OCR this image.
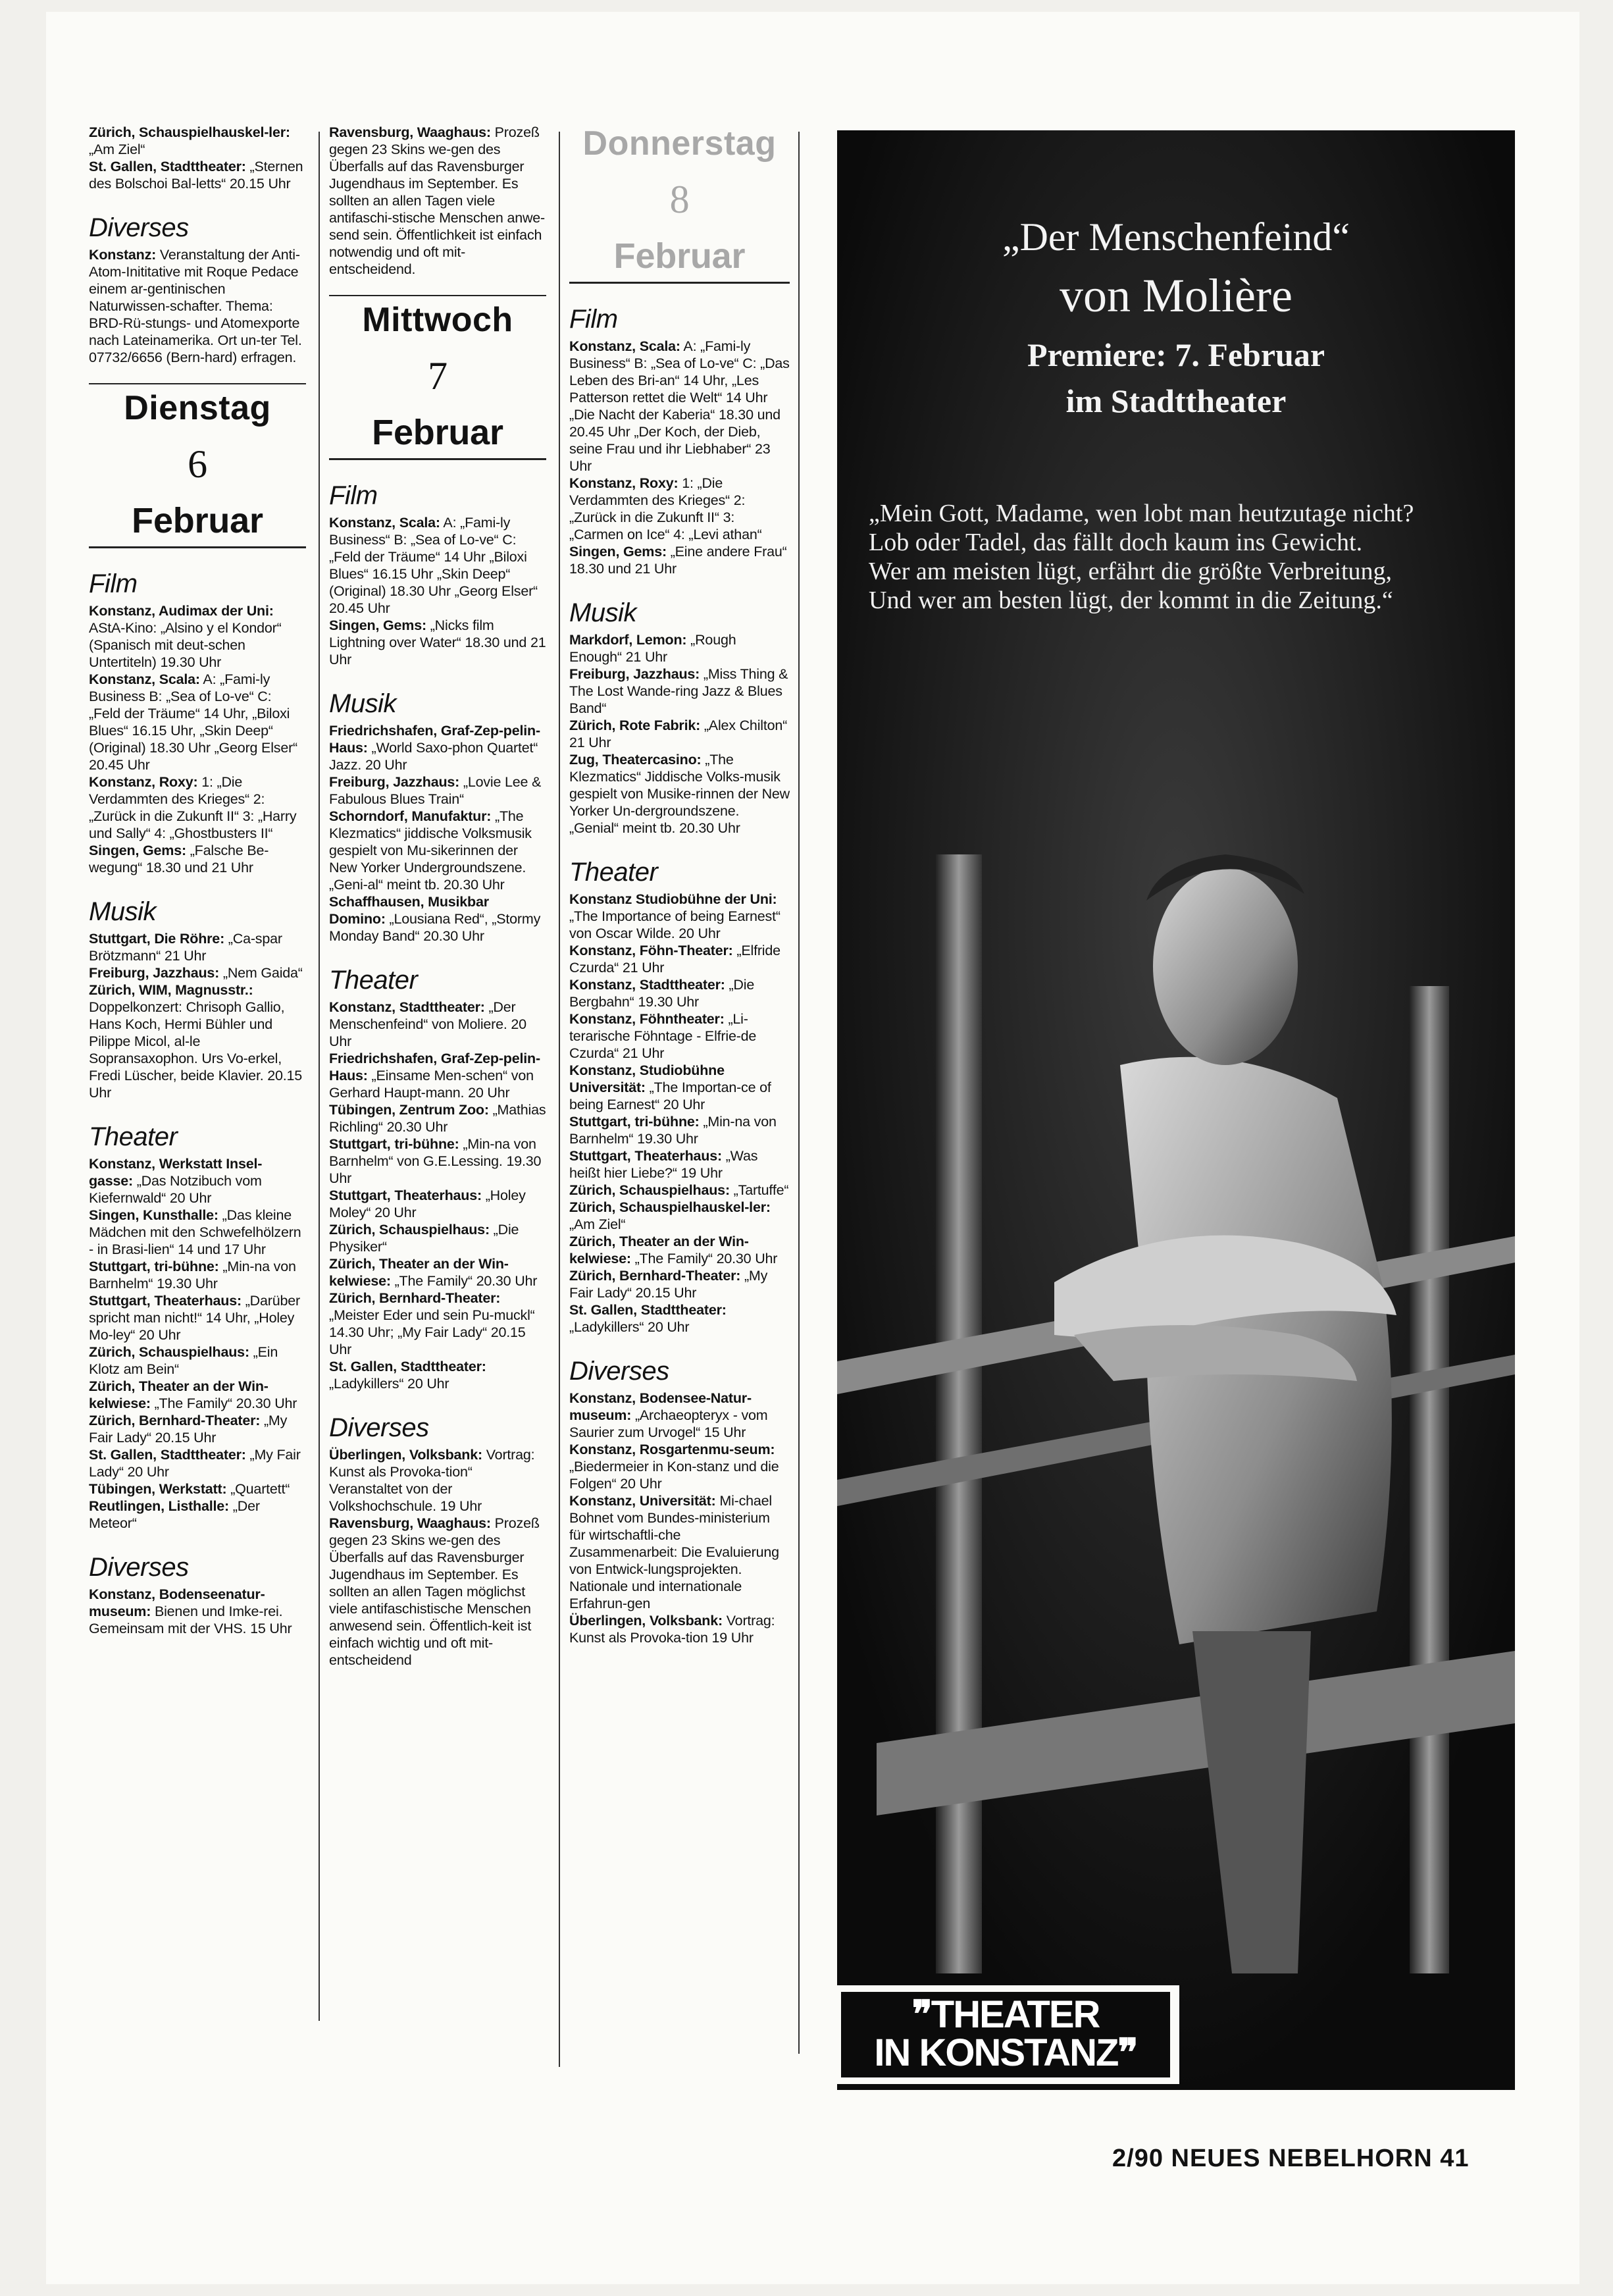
Zürich, Schauspielhauskel-ler: „Am Ziel“

St. Gallen, Stadttheater: „Sternen des Bolschoi Bal-letts“ 20.15 Uhr

Diverses

Konstanz: Veranstaltung der Anti-Atom-Inititative mit Roque Pedace einem ar-gentinischen Naturwissen-schafter. Thema: BRD-Rü-stungs- und Atomexporte nach Lateinamerika. Ort un-ter Tel. 07732/6656 (Bern-hard) erfragen.

Dienstag
6
Februar
Film

Konstanz, Audimax der Uni: AStA-Kino: „Alsino y el Kondor“ (Spanisch mit deut-schen Untertiteln) 19.30 Uhr

Konstanz, Scala: A: „Fami-ly Business B: „Sea of Lo-ve“ C: „Feld der Träume“ 14 Uhr, „Biloxi Blues“ 16.15 Uhr, „Skin Deep“ (Original) 18.30 Uhr „Georg Elser“ 20.45 Uhr

Konstanz, Roxy: 1: „Die Verdammten des Krieges“ 2: „Zurück in die Zukunft II“ 3: „Harry und Sally“ 4: „Ghostbusters II“

Singen, Gems: „Falsche Be-wegung“ 18.30 und 21 Uhr

Musik

Stuttgart, Die Röhre: „Ca-spar Brötzmann“ 21 Uhr

Freiburg, Jazzhaus: „Nem Gaida“

Zürich, WIM, Magnusstr.: Doppelkonzert: Chrisoph Gallio, Hans Koch, Hermi Bühler und Pilippe Micol, al-le Sopransaxophon. Urs Vo-erkel, Fredi Lüscher, beide Klavier. 20.15 Uhr

Theater

Konstanz, Werkstatt Insel-gasse: „Das Notzibuch vom Kiefernwald“ 20 Uhr

Singen, Kunsthalle: „Das kleine Mädchen mit den Schwefelhölzern - in Brasi-lien“ 14 und 17 Uhr

Stuttgart, tri-bühne: „Min-na von Barnhelm“ 19.30 Uhr

Stuttgart, Theaterhaus: „Darüber spricht man nicht!“ 14 Uhr, „Holey Mo-ley“ 20 Uhr

Zürich, Schauspielhaus: „Ein Klotz am Bein“

Zürich, Theater an der Win-kelwiese: „The Family“ 20.30 Uhr

Zürich, Bernhard-Theater: „My Fair Lady“ 20.15 Uhr

St. Gallen, Stadttheater: „My Fair Lady“ 20 Uhr

Tübingen, Werkstatt: „Quartett“

Reutlingen, Listhalle: „Der Meteor“

Diverses

Konstanz, Bodenseenatur-museum: Bienen und Imke-rei. Gemeinsam mit der VHS. 15 Uhr

Ravensburg, Waaghaus: Prozeß gegen 23 Skins we-gen des Überfalls auf das Ravensburger Jugendhaus im September. Es sollten an allen Tagen viele antifaschi-stische Menschen anwe-send sein. Öffentlichkeit ist einfach notwendig und oft mit-entscheidend.

Mittwoch
7
Februar
Film

Konstanz, Scala: A: „Fami-ly Business“ B: „Sea of Lo-ve“ C: „Feld der Träume“ 14 Uhr „Biloxi Blues“ 16.15 Uhr „Skin Deep“ (Original) 18.30 Uhr „Georg Elser“ 20.45 Uhr

Singen, Gems: „Nicks film Lightning over Water“ 18.30 und 21 Uhr

Musik

Friedrichshafen, Graf-Zep-pelin-Haus: „World Saxo-phon Quartet“ Jazz. 20 Uhr

Freiburg, Jazzhaus: „Lovie Lee & Fabulous Blues Train“

Schorndorf, Manufaktur: „The Klezmatics“ jiddische Volksmusik gespielt von Mu-sikerinnen der New Yorker Undergroundszene. „Geni-al“ meint tb. 20.30 Uhr

Schaffhausen, Musikbar Domino: „Lousiana Red“, „Stormy Monday Band“ 20.30 Uhr

Theater

Konstanz, Stadttheater: „Der Menschenfeind“ von Moliere. 20 Uhr

Friedrichshafen, Graf-Zep-pelin-Haus: „Einsame Men-schen“ von Gerhard Haupt-mann. 20 Uhr

Tübingen, Zentrum Zoo: „Mathias Richling“ 20.30 Uhr

Stuttgart, tri-bühne: „Min-na von Barnhelm“ von G.E.Lessing. 19.30 Uhr

Stuttgart, Theaterhaus: „Holey Moley“ 20 Uhr

Zürich, Schauspielhaus: „Die Physiker“

Zürich, Theater an der Win-kelwiese: „The Family“ 20.30 Uhr

Zürich, Bernhard-Theater: „Meister Eder und sein Pu-muckl“ 14.30 Uhr; „My Fair Lady“ 20.15 Uhr

St. Gallen, Stadttheater: „Ladykillers“ 20 Uhr

Diverses

Überlingen, Volksbank: Vortrag: Kunst als Provoka-tion“ Veranstaltet von der Volkshochschule. 19 Uhr

Ravensburg, Waaghaus: Prozeß gegen 23 Skins we-gen des Überfalls auf das Ravensburger Jugendhaus im September. Es sollten an allen Tagen möglichst viele antifaschistische Menschen anwesend sein. Öffentlich-keit ist einfach wichtig und oft mit-entscheidend

Donnerstag
8
Februar
Film

Konstanz, Scala: A: „Fami-ly Business“ B: „Sea of Lo-ve“ C: „Das Leben des Bri-an“ 14 Uhr, „Les Patterson rettet die Welt“ 14 Uhr „Die Nacht der Kaberia“ 18.30 und 20.45 Uhr „Der Koch, der Dieb, seine Frau und ihr Liebhaber“ 23 Uhr

Konstanz, Roxy: 1: „Die Verdammten des Krieges“ 2: „Zurück in die Zukunft II“ 3: „Carmen on Ice“ 4: „Levi athan“

Singen, Gems: „Eine andere Frau“ 18.30 und 21 Uhr

Musik

Markdorf, Lemon: „Rough Enough“ 21 Uhr

Freiburg, Jazzhaus: „Miss Thing & The Lost Wande-ring Jazz & Blues Band“

Zürich, Rote Fabrik: „Alex Chilton“ 21 Uhr

Zug, Theatercasino: „The Klezmatics“ Jiddische Volks-musik gespielt von Musike-rinnen der New Yorker Un-dergroundszene. „Genial“ meint tb. 20.30 Uhr

Theater

Konstanz Studiobühne der Uni: „The Importance of being Earnest“ von Oscar Wilde. 20 Uhr

Konstanz, Föhn-Theater: „Elfride Czurda“ 21 Uhr

Konstanz, Stadttheater: „Die Bergbahn“ 19.30 Uhr

Konstanz, Föhntheater: „Li-terarische Föhntage - Elfrie-de Czurda“ 21 Uhr

Konstanz, Studiobühne Universität: „The Importan-ce of being Earnest“ 20 Uhr

Stuttgart, tri-bühne: „Min-na von Barnhelm“ 19.30 Uhr

Stuttgart, Theaterhaus: „Was heißt hier Liebe?“ 19 Uhr

Zürich, Schauspielhaus: „Tartuffe“

Zürich, Schauspielhauskel-ler: „Am Ziel“

Zürich, Theater an der Win-kelwiese: „The Family“ 20.30 Uhr

Zürich, Bernhard-Theater: „My Fair Lady“ 20.15 Uhr

St. Gallen, Stadttheater: „Ladykillers“ 20 Uhr

Diverses

Konstanz, Bodensee-Natur-museum: „Archaeopteryx - vom Saurier zum Urvogel“ 15 Uhr

Konstanz, Rosgartenmu-seum: „Biedermeier in Kon-stanz und die Folgen“ 20 Uhr

Konstanz, Universität: Mi-chael Bohnet vom Bundes-ministerium für wirtschaftli-che Zusammenarbeit: Die Evaluierung von Entwick-lungsprojekten. Nationale und internationale Erfahrun-gen

Überlingen, Volksbank: Vortrag: Kunst als Provoka-tion 19 Uhr

„Der Menschenfeind“
von Molière
Premiere: 7. Februar
im Stadttheater
„Mein Gott, Madame, wen lobt man heutzutage nicht?
Lob oder Tadel, das fällt doch kaum ins Gewicht.
Wer am meisten lügt, erfährt die größte Verbreitung,
Und wer am besten lügt, der kommt in die Zeitung.“
❞THEATER
IN KONSTANZ❞
2/90 NEUES NEBELHORN 41
